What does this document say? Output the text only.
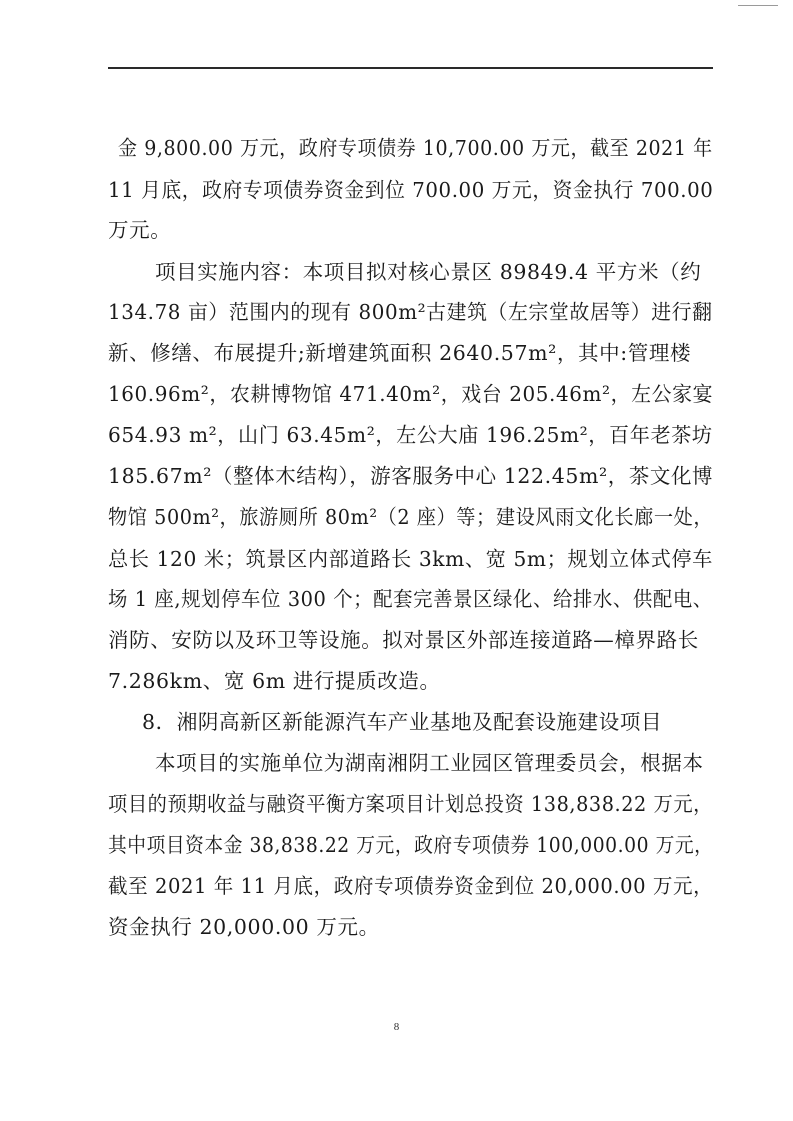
金 9,800.00 万元，政府专项债券 10,700.00 万元，截至 2021 年
11 月底，政府专项债券资金到位 700.00 万元，资金执行 700.00
万元。
项目实施内容：本项目拟对核心景区 89849.4 平方米（约
134.78 亩）范围内的现有 800m²古建筑（左宗堂故居等）进行翻
新、修缮、布展提升;新增建筑面积 2640.57m²，其中:管理楼
160.96m²，农耕博物馆 471.40m²，戏台 205.46m²，左公家宴
654.93 m²，山门 63.45m²，左公大庙 196.25m²，百年老茶坊
185.67m²（整体木结构），游客服务中心 122.45m²，茶文化博
物馆 500m²，旅游厕所 80m²（2 座）等；建设风雨文化长廊一处，
总长 120 米；筑景区内部道路长 3km、宽 5m；规划立体式停车
场 1 座,规划停车位 300 个；配套完善景区绿化、给排水、供配电、
消防、安防以及环卫等设施。拟对景区外部连接道路—樟界路长
7.286km、宽 6m 进行提质改造。
8．湘阴高新区新能源汽车产业基地及配套设施建设项目
本项目的实施单位为湖南湘阴工业园区管理委员会，根据本
项目的预期收益与融资平衡方案项目计划总投资 138,838.22 万元，
其中项目资本金 38,838.22 万元，政府专项债券 100,000.00 万元，
截至 2021 年 11 月底，政府专项债券资金到位 20,000.00 万元，
资金执行 20,000.00 万元。
8
